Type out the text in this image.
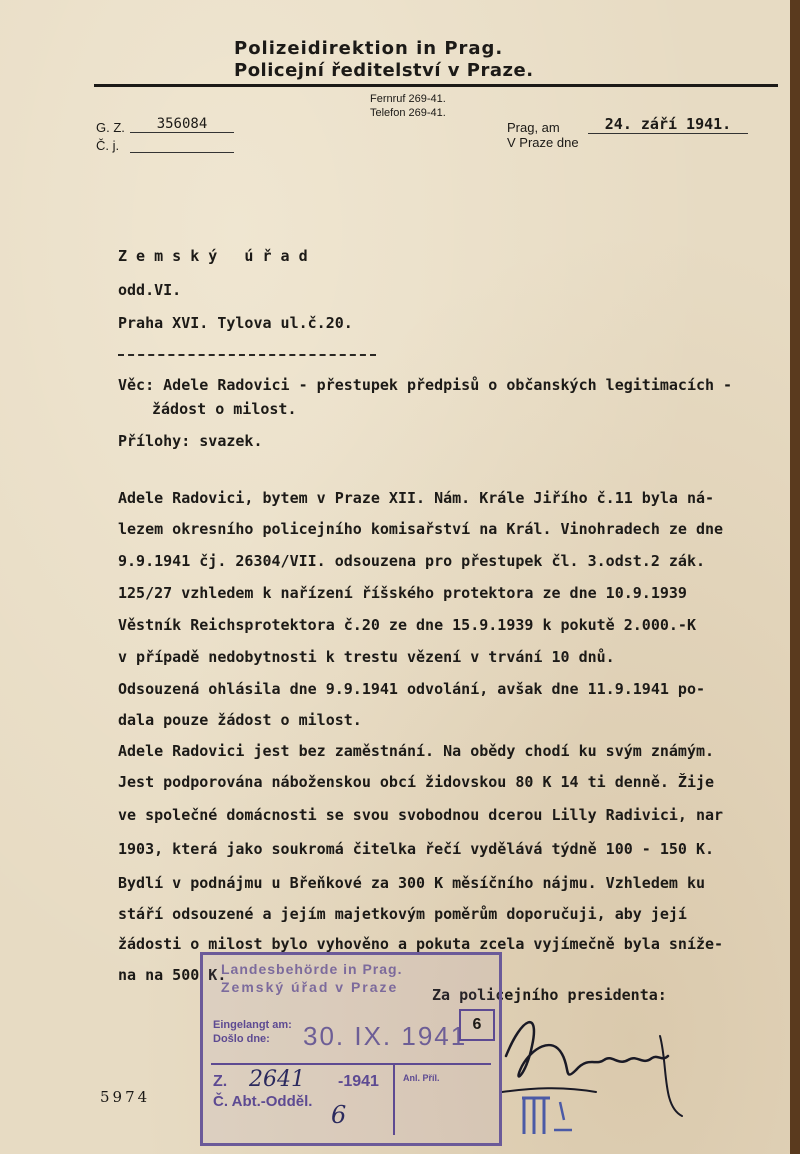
Polizeidirektion in Prag.
Policejní ředitelství v Praze.
G. Z.	356084
Č. j.
Fernruf 269-41.
Telefon 269-41.
Prag, am
V Praze dne
24. září 1941.
Z e m s k ý   ú ř a d
odd.VI.
Praha XVI. Tylova ul.č.20.
Věc: Adele Radovici - přestupek předpisů o občanských legitimacích -
žádost o milost.
Přílohy: svazek.
Adele Radovici, bytem v Praze XII. Nám. Krále Jiřího č.11 byla ná-
lezem okresního policejního komisařství na Král. Vinohradech ze dne
9.9.1941 čj. 26304/VII. odsouzena pro přestupek čl. 3.odst.2 zák.
125/27 vzhledem k nařízení říšského protektora ze dne 10.9.1939
Věstník Reichsprotektora č.20 ze dne 15.9.1939 k pokutě 2.000.-K
v případě nedobytnosti k trestu vězení v trvání 10 dnů.
Odsouzená ohlásila dne 9.9.1941 odvolání, avšak dne 11.9.1941 po-
dala pouze žádost o milost.
Adele Radovici jest bez zaměstnání. Na obědy chodí ku svým známým.
Jest podporována náboženskou obcí židovskou 80 K 14 ti denně. Žije
ve společné domácnosti se svou svobodnou dcerou Lilly Radivici, nar
1903, která jako soukromá čitelka řečí vydělává týdně 100 - 150 K.
Bydlí v podnájmu u Břeňkové za 300 K měsíčního nájmu. Vzhledem ku
stáří odsouzené a jejím majetkovým poměrům doporučuji, aby její
žádosti o milost bylo vyhověno a pokuta zcela vyjímečně byla sníže-
na na 500 K.
Za policejního presidenta:
Landesbehörde in Prag.
Zemský úřad v Praze
Eingelangt am:
Došlo dne: 30. IX. 1941 6
Z. 2641 -1941
Č. Abt.-Odděl. 6
Anl. Příl.
5974
